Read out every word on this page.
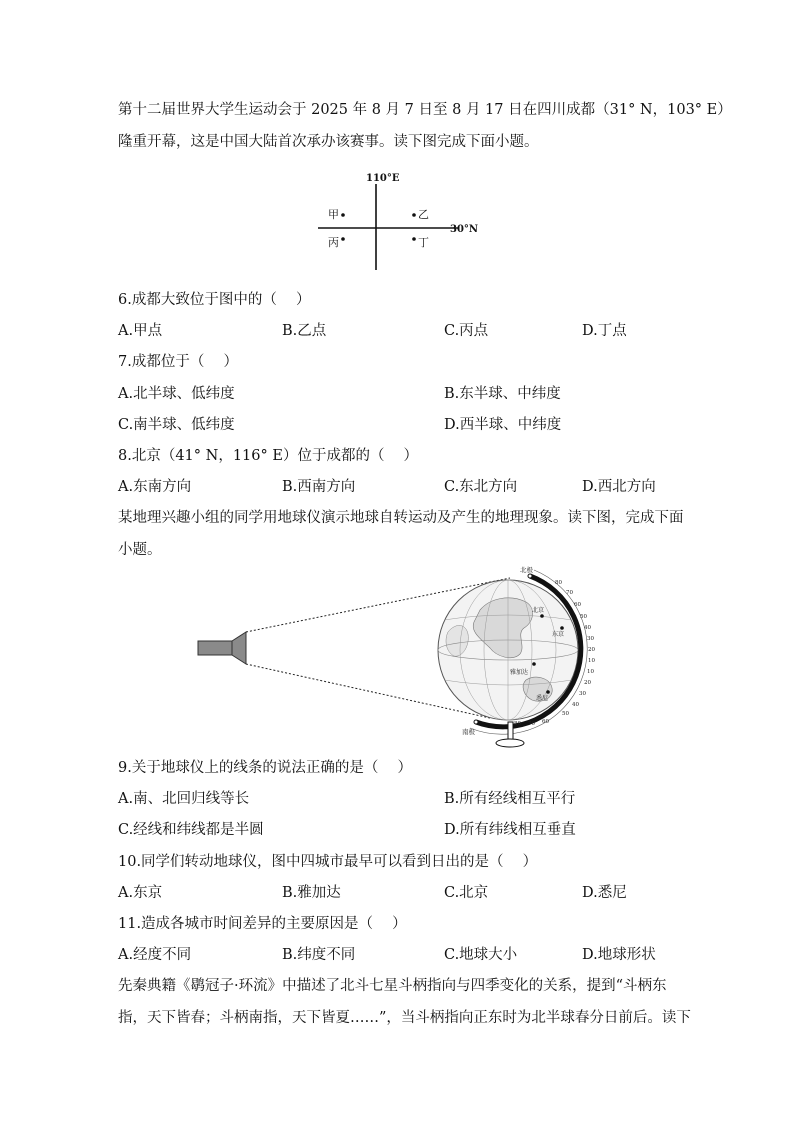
第十二届世界大学生运动会于 2025 年 8 月 7 日至 8 月 17 日在四川成都（31° N，103° E）
隆重开幕，这是中国大陆首次承办该赛事。读下图完成下面小题。
110°E
30°N
甲	乙
丙	丁
6.成都大致位于图中的（　 ）
A.甲点	B.乙点	C.丙点	D.丁点
7.成都位于（　 ）
A.北半球、低纬度	B.东半球、中纬度
C.南半球、低纬度	D.西半球、中纬度
8.北京（41° N，116° E）位于成都的（　 ）
A.东南方向	B.西南方向	C.东北方向	D.西北方向
某地理兴趣小组的同学用地球仪演示地球自转运动及产生的地理现象。读下图，完成下面
小题。
东京
北京
雅加达
悉尼
80
70
60
50
40
30
20
10
10
20
30
40
50
60
70
80
北极
南极
9.关于地球仪上的线条的说法正确的是（　 ）
A.南、北回归线等长	B.所有经线相互平行
C.经线和纬线都是半圆	D.所有纬线相互垂直
10.同学们转动地球仪，图中四城市最早可以看到日出的是（　 ）
A.东京	B.雅加达	C.北京	D.悉尼
11.造成各城市时间差异的主要原因是（　 ）
A.经度不同	B.纬度不同	C.地球大小	D.地球形状
先秦典籍《鹖冠子·环流》中描述了北斗七星斗柄指向与四季变化的关系，提到“斗柄东
指，天下皆春；斗柄南指，天下皆夏……”，当斗柄指向正东时为北半球春分日前后。读下
